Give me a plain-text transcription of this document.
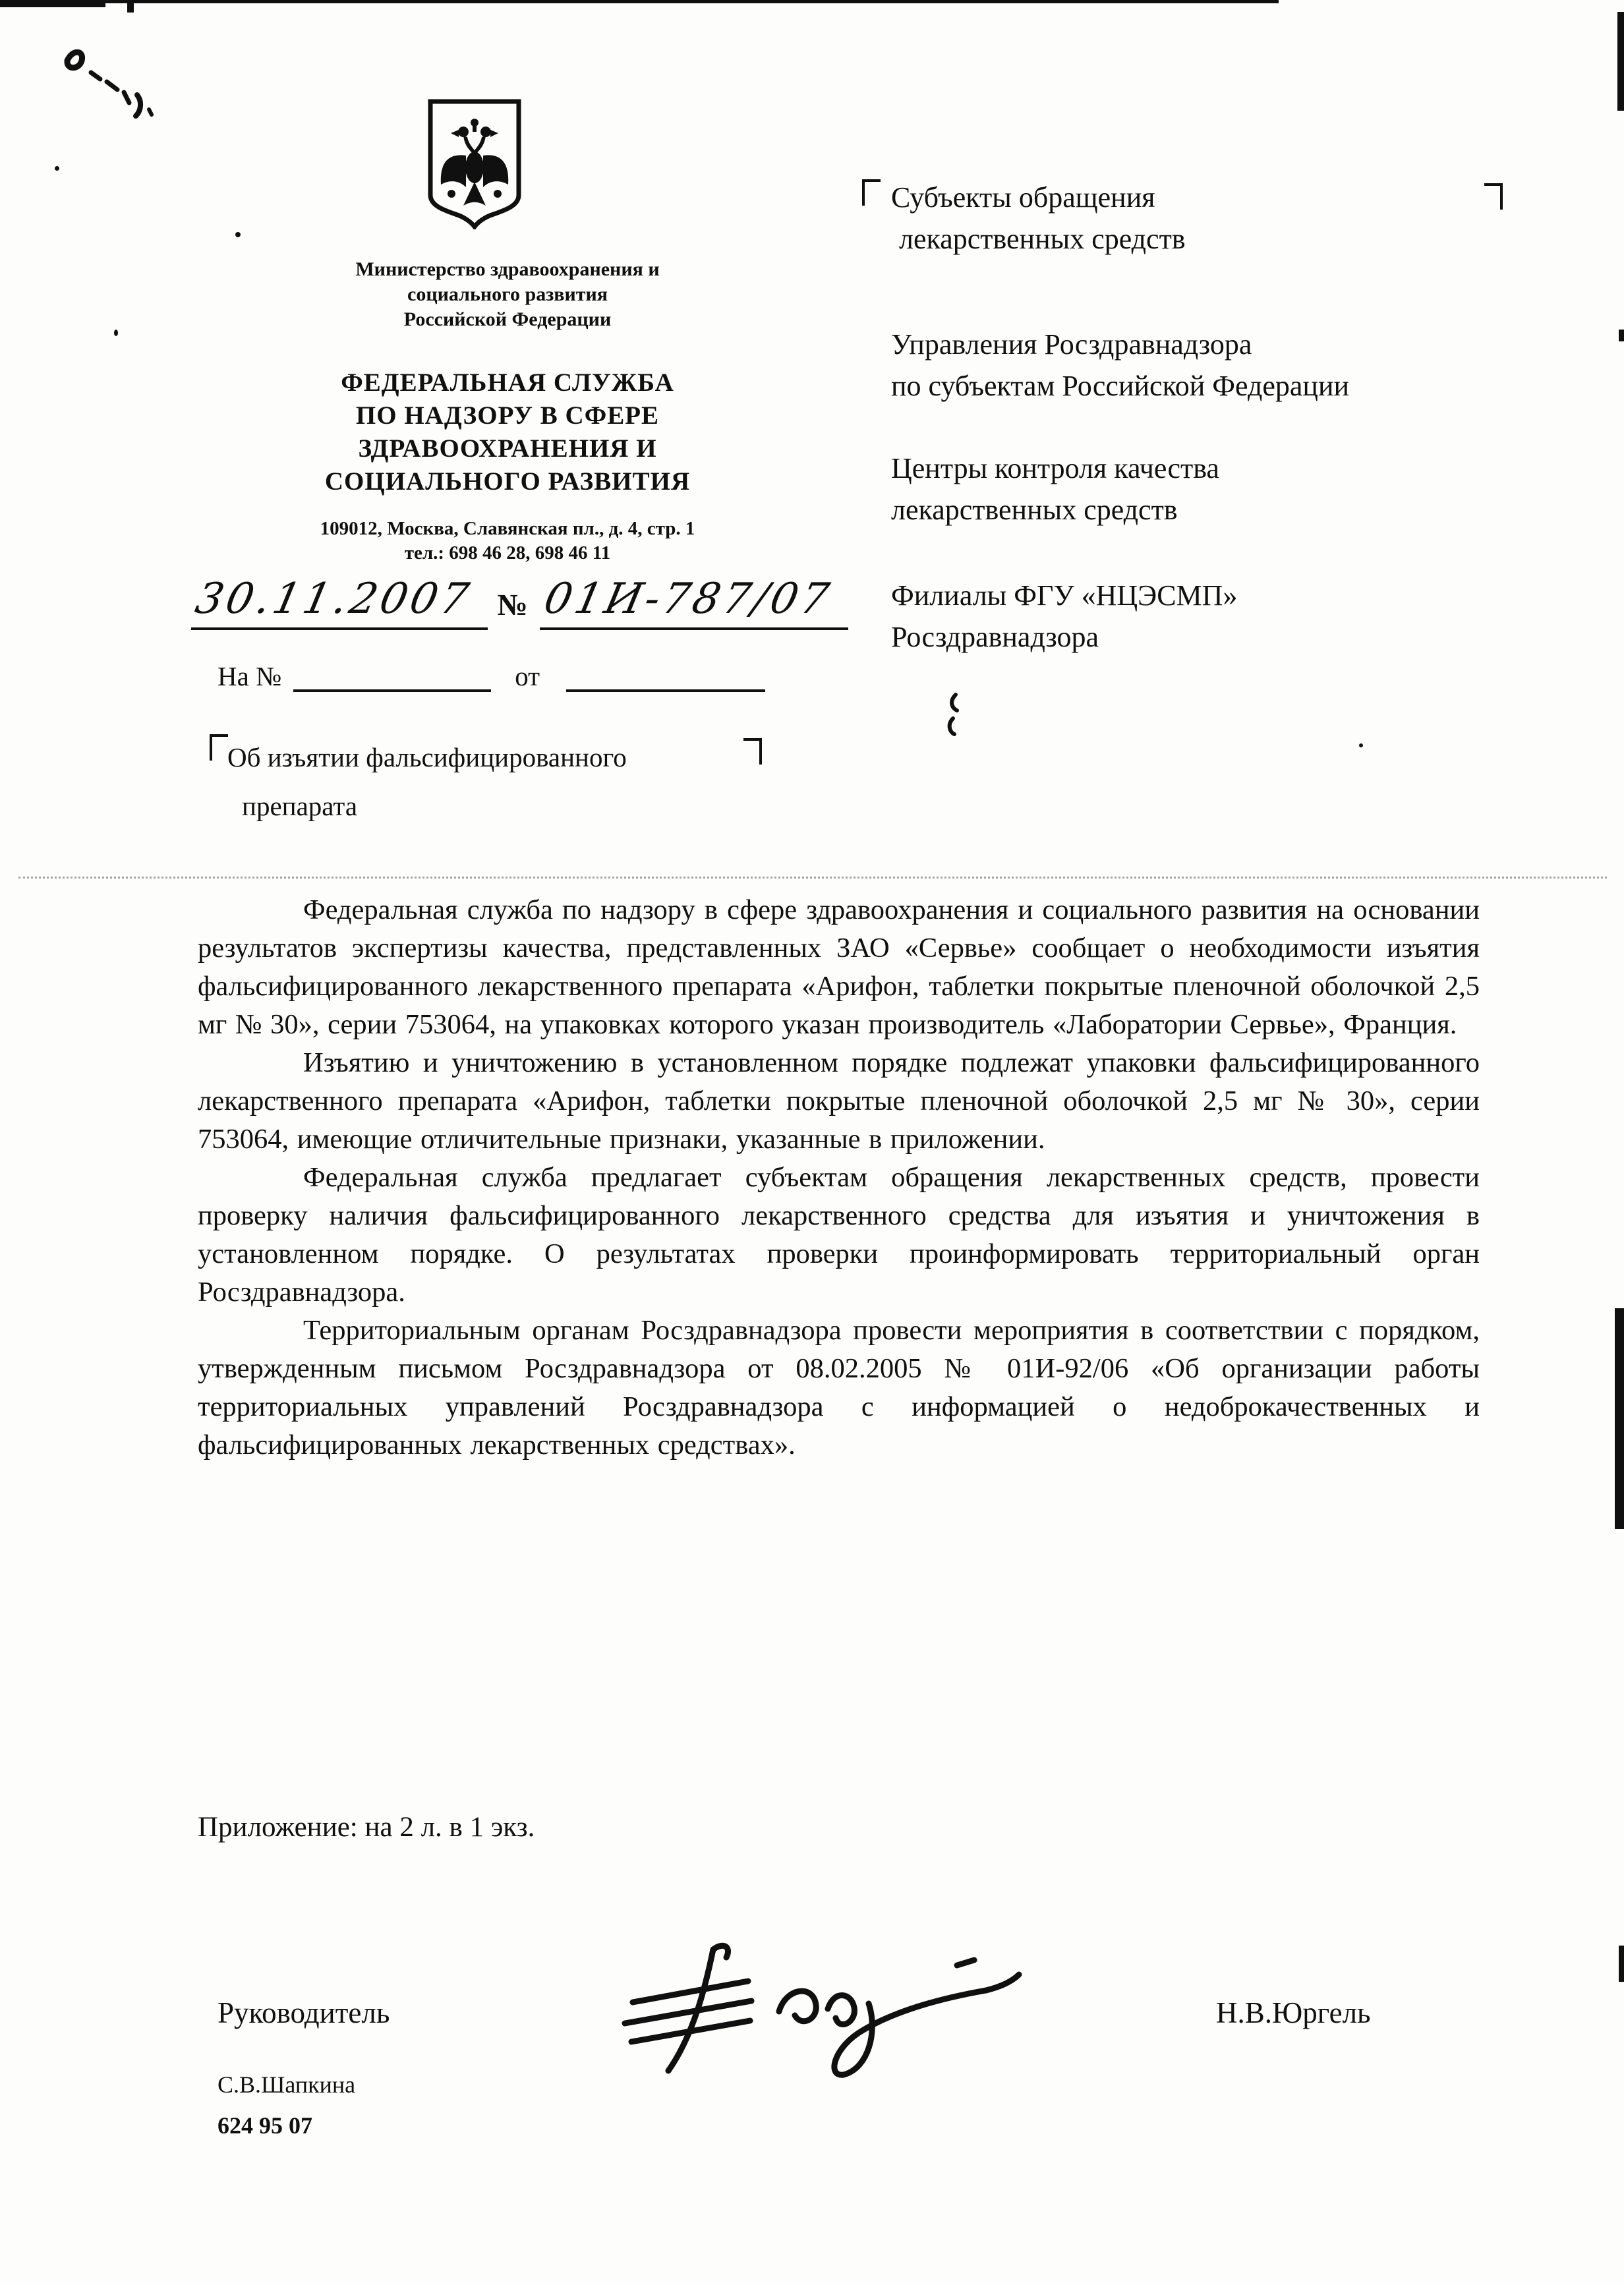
Министерство здравоохранения и
социального развития
Российской Федерации
ФЕДЕРАЛЬНАЯ СЛУЖБА
ПО НАДЗОРУ В СФЕРЕ
ЗДРАВООХРАНЕНИЯ И
СОЦИАЛЬНОГО РАЗВИТИЯ
109012, Москва, Славянская пл., д. 4, стр. 1
тел.: 698 46 28, 698 46 11
30.11.2007 № 01И-787/07
На №	от
Об изъятии фальсифицированного
препарата
Субъекты обращения
лекарственных средств
Управления Росздравнадзора
по субъектам Российской Федерации
Центры контроля качества
лекарственных средств
Филиалы ФГУ «НЦЭСМП»
Росздравнадзора

Федеральная служба по надзору в сфере здравоохранения и социального развития на основании результатов экспертизы качества, представленных ЗАО «Сервье» сообщает о необходимости изъятия фальсифицированного лекарственного препарата «Арифон, таблетки покрытые пленочной оболочкой 2,5 мг № 30», серии 753064, на упаковках которого указан производитель «Лаборатории Сервье», Франция.

Изъятию и уничтожению в установленном порядке подлежат упаковки фальсифицированного лекарственного препарата «Арифон, таблетки покрытые пленочной оболочкой 2,5 мг № 30», серии 753064, имеющие отличительные признаки, указанные в приложении.

Федеральная служба предлагает субъектам обращения лекарственных средств, провести проверку наличия фальсифицированного лекарственного средства для изъятия и уничтожения в установленном порядке. О результатах проверки проинформировать территориальный орган Росздравнадзора.

Территориальным органам Росздравнадзора провести мероприятия в соответствии с порядком, утвержденным письмом Росздравнадзора от 08.02.2005 № 01И-92/06 «Об организации работы территориальных управлений Росздравнадзора с информацией о недоброкачественных и фальсифицированных лекарственных средствах».

Приложение: на 2 л. в 1 экз.
Руководитель	Н.В.Юргель
С.В.Шапкина
624 95 07
